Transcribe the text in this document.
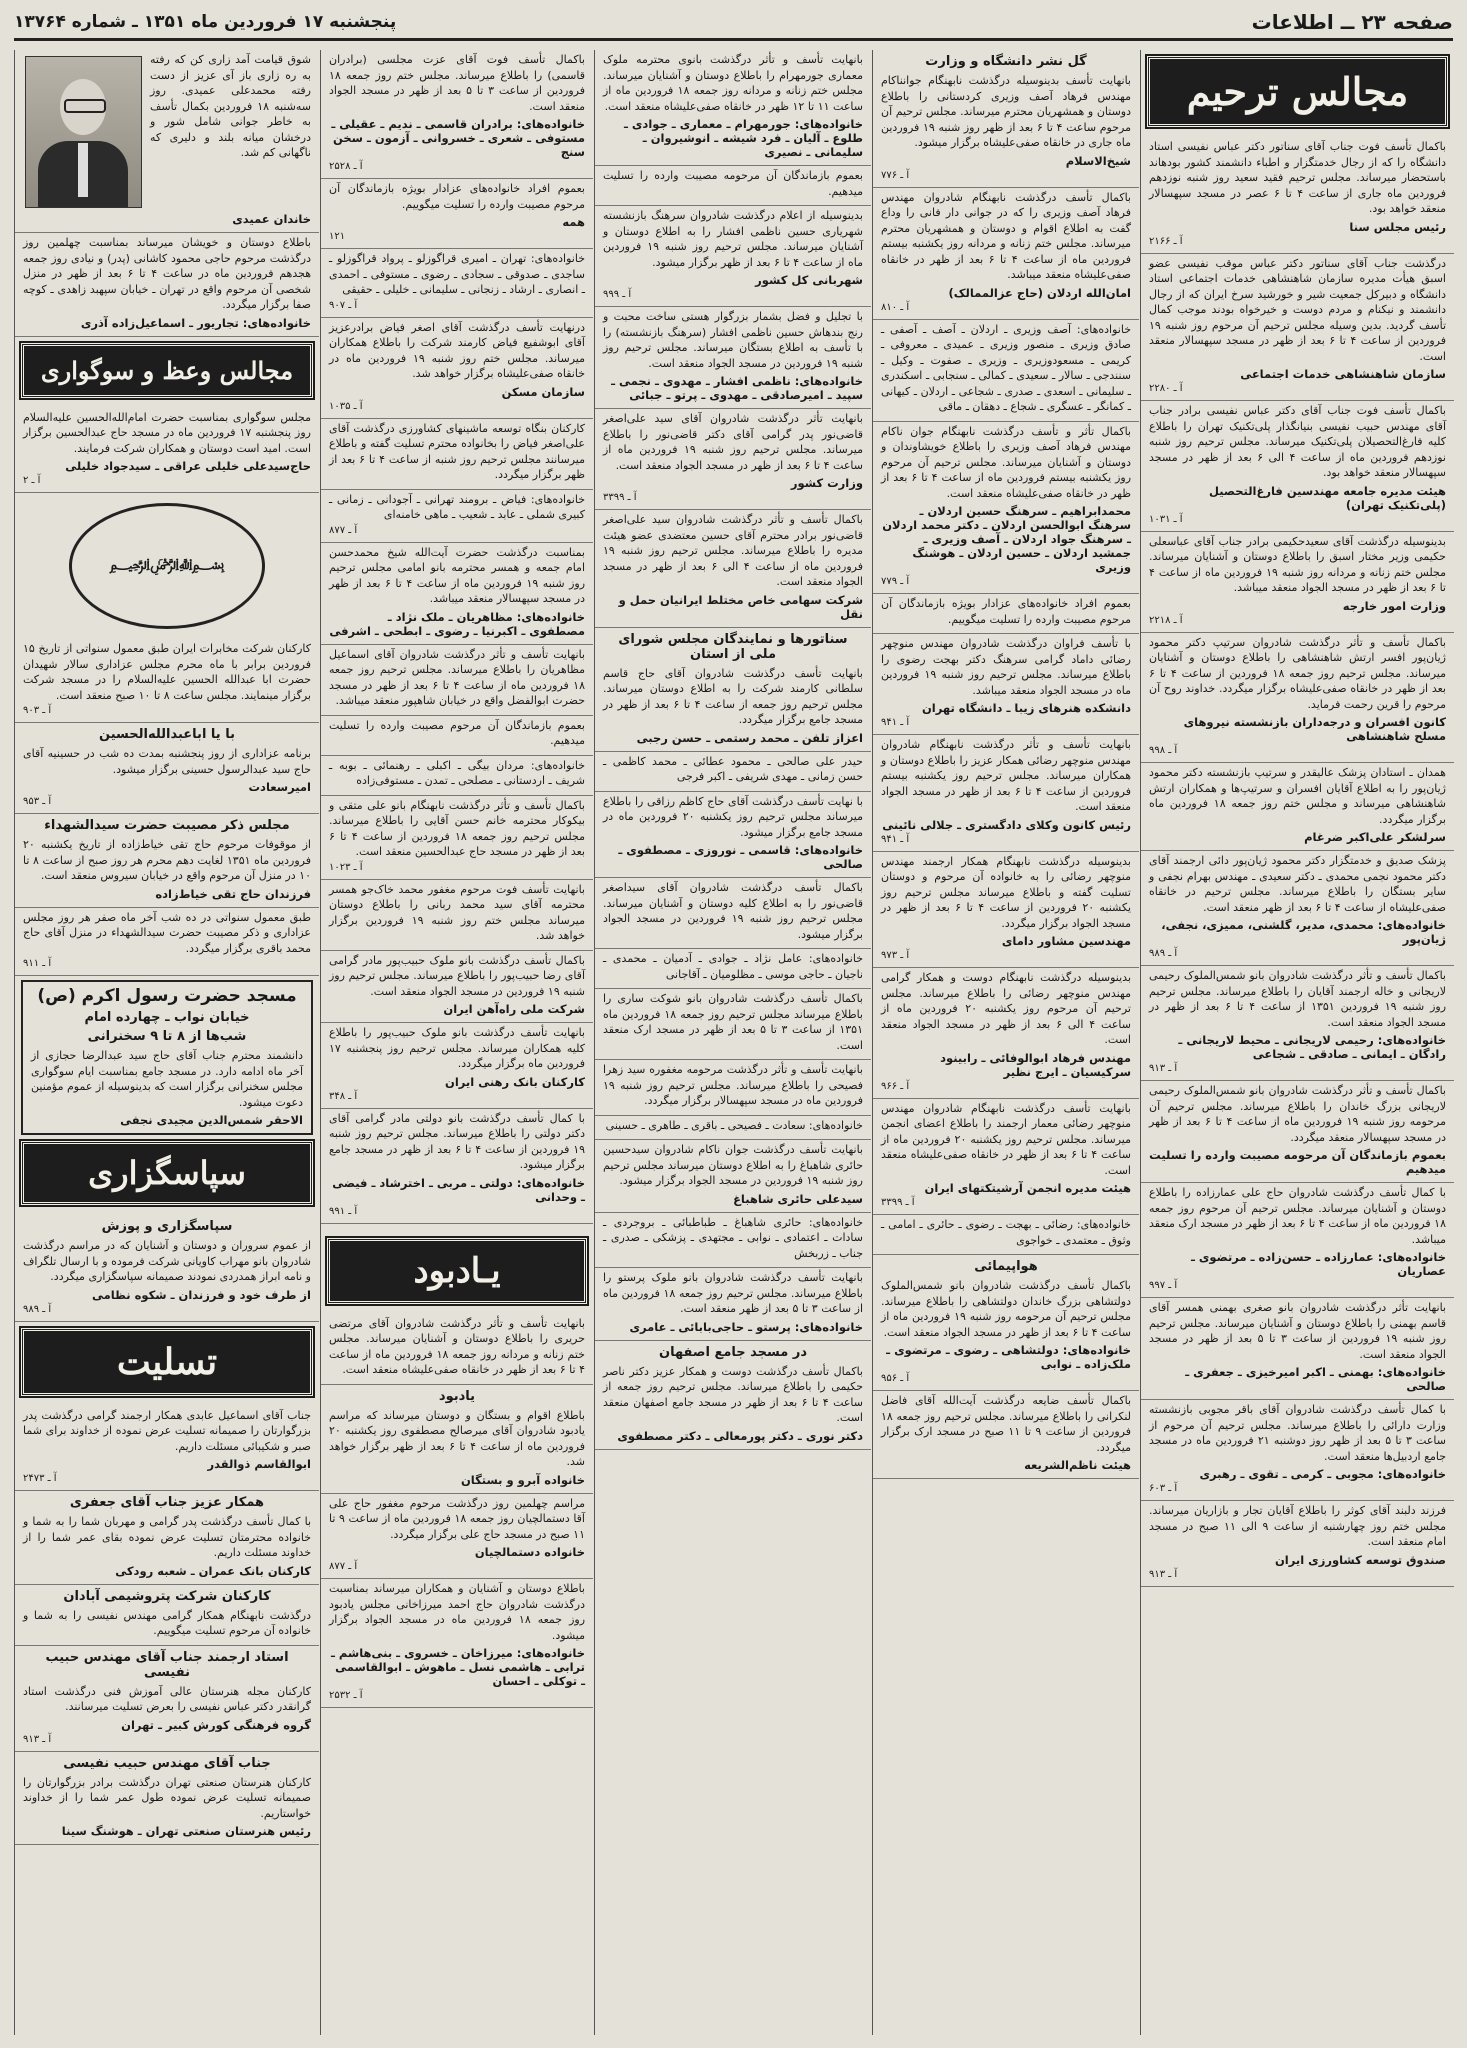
صفحه ۲۳ ــ اطلاعات
پنجشنبه ۱۷ فروردین ماه ۱۳۵۱ ـ شماره ۱۳۷۶۴
مجالس ترحیم

باکمال تأسف فوت جناب آقای سناتور دکتر عباس نفیسی استاد دانشگاه را که از رجال خدمتگزار و اطباء دانشمند کشور بودهاند باستحضار میرساند. مجلس ترحیم فقید سعید روز شنبه نوزدهم فروردین ماه جاری از ساعت ۴ تا ۶ عصر در مسجد سپهسالار منعقد خواهد بود.

رئیس مجلس سنا
آ ـ ۲۱۶۶

درگذشت جناب آقای سناتور دکتر عباس موقب نفیسی عضو اسبق هیأت مدیره سازمان شاهنشاهی خدمات اجتماعی استاد دانشگاه و دبیرکل جمعیت شیر و خورشید سرخ ایران که از رجال دانشمند و نیکنام و مردم دوست و خیرخواه بودند موجب کمال تأسف گردید. بدین وسیله مجلس ترحیم آن مرحوم روز شنبه ۱۹ فروردین از ساعت ۴ تا ۶ بعد از ظهر در مسجد سپهسالار منعقد است.

سازمان شاهنشاهی خدمات اجتماعی
آ ـ ۲۲۸۰

باکمال تأسف فوت جناب آقای دکتر عباس نفیسی برادر جناب آقای مهندس حبیب نفیسی بنیانگذار پلی‌تکنیک تهران را باطلاع کلیه فارغ‌التحصیلان پلی‌تکنیک میرساند. مجلس ترحیم روز شنبه نوزدهم فروردین ماه از ساعت ۴ الی ۶ بعد از ظهر در مسجد سپهسالار منعقد خواهد بود.

هیئت مدیره جامعه مهندسین فارغ‌التحصیل (پلی‌تکنیک تهران)
آ ـ ۱۰۳۱

بدینوسیله درگذشت آقای سعیدحکیمی برادر جناب آقای عباسعلی حکیمی وزیر مختار اسبق را باطلاع دوستان و آشنایان میرساند. مجلس ختم زنانه و مردانه روز شنبه ۱۹ فروردین ماه از ساعت ۴ تا ۶ بعد از ظهر در مسجد الجواد منعقد میباشد.

وزارت امور خارجه
آ ـ ۲۲۱۸

باکمال تأسف و تأثر درگذشت شادروان سرتیپ دکتر محمود ژیان‌پور افسر ارتش شاهنشاهی را باطلاع دوستان و آشنایان میرساند. مجلس ترحیم روز جمعه ۱۸ فروردین از ساعت ۴ تا ۶ بعد از ظهر در خانقاه صفی‌علیشاه برگزار میگردد. خداوند روح آن مرحوم را قرین رحمت فرماید.

کانون افسران و درجه‌داران بازنشسته نیروهای مسلح شاهنشاهی
آ ـ ۹۹۸

همدان ـ استادان پزشک عالیقدر و سرتیپ بازنشسته دکتر محمود ژیان‌پور را به اطلاع آقایان افسران و سرتیپ‌ها و همکاران ارتش شاهنشاهی میرساند و مجلس ختم روز جمعه ۱۸ فروردین ماه برگزار میگردد.

سرلشکر علی‌اکبر ضرغام

پزشک صدیق و خدمتگزار دکتر محمود ژیان‌پور دائی ارجمند آقای دکتر محمود نجمی محمدی ـ دکتر سعیدی ـ مهندس بهرام نجفی و سایر بستگان را باطلاع میرساند. مجلس ترحیم در خانقاه صفی‌علیشاه از ساعت ۴ تا ۶ بعد از ظهر منعقد است.

خانواده‌های: محمدی، مدیر، گلشنی، ممیزی، نجفی، ژیان‌پور
آ ـ ۹۸۹

باکمال تأسف و تأثر درگذشت شادروان بانو شمس‌الملوک رحیمی لاریجانی و خاله ارجمند آقایان را باطلاع میرساند. مجلس ترحیم روز شنبه ۱۹ فروردین ۱۳۵۱ از ساعت ۴ تا ۶ بعد از ظهر در مسجد الجواد منعقد است.

خانواده‌های: رحیمی لاریجانی ـ محیط لاریجانی ـ رادگان ـ ایمانی ـ صادقی ـ شجاعی
آ ـ ۹۱۳

باکمال تأسف و تأثر درگذشت شادروان بانو شمس‌الملوک رحیمی لاریجانی بزرگ خاندان را باطلاع میرساند. مجلس ترحیم آن مرحومه روز شنبه ۱۹ فروردین ماه از ساعت ۴ تا ۶ بعد از ظهر در مسجد سپهسالار منعقد میگردد.

بعموم بازماندگان آن مرحومه مصیبت وارده را تسلیت میدهیم

با کمال تأسف درگذشت شادروان حاج علی عمارزاده را باطلاع دوستان و آشنایان میرساند. مجلس ترحیم آن مرحوم روز جمعه ۱۸ فروردین ماه از ساعت ۴ تا ۶ بعد از ظهر در مسجد ارک منعقد میباشد.

خانواده‌های: عمارزاده ـ حسن‌زاده ـ مرتضوی ـ عصاریان
آ ـ ۹۹۷

بانهایت تأثر درگذشت شادروان بانو صغری بهمنی همسر آقای قاسم بهمنی را باطلاع دوستان و آشنایان میرساند. مجلس ترحیم روز شنبه ۱۹ فروردین از ساعت ۳ تا ۵ بعد از ظهر در مسجد الجواد منعقد است.

خانواده‌های: بهمنی ـ اکبر امیرخیزی ـ جعفری ـ صالحی

با کمال تأسف درگذشت شادروان آقای باقر مجوبی بازنشسته وزارت دارائی را باطلاع میرساند. مجلس ترحیم آن مرحوم از ساعت ۳ تا ۵ بعد از ظهر روز دوشنبه ۲۱ فروردین ماه در مسجد جامع اردبیل‌ها منعقد است.

خانواده‌های: مجوبی ـ کرمی ـ تقوی ـ رهبری
آ ـ ۶۰۳

فرزند دلبند آقای کوثر را باطلاع آقایان تجار و بازاریان میرساند. مجلس ختم روز چهارشنبه از ساعت ۹ الی ۱۱ صبح در مسجد امام منعقد است.

صندوق توسعه کشاورزی ایران
آ ـ ۹۱۳
گل نشر دانشگاه و وزارت

بانهایت تأسف بدینوسیله درگذشت نابهنگام جوانناکام مهندس فرهاد آصف وزیری کردستانی را باطلاع دوستان و همشهریان محترم میرساند. مجلس ترحیم آن مرحوم ساعت ۴ تا ۶ بعد از ظهر روز شنبه ۱۹ فروردین ماه جاری در خانقاه صفی‌علیشاه برگزار میشود.

شیخ‌الاسلام
آ ـ ۷۷۶

باکمال تأسف درگذشت نابهنگام شادروان مهندس فرهاد آصف وزیری را که در جوانی دار فانی را وداع گفت به اطلاع اقوام و دوستان و همشهریان محترم میرساند. مجلس ختم زنانه و مردانه روز یکشنبه بیستم فروردین ماه از ساعت ۴ تا ۶ بعد از ظهر در خانقاه صفی‌علیشاه منعقد میباشد.

امان‌الله اردلان (حاج عزالممالک)
آ ـ ۸۱۰

خانواده‌های: آصف وزیری ـ اردلان ـ آصف ـ آصفی ـ صادق وزیری ـ منصور وزیری ـ عمیدی ـ معروفی ـ کریمی ـ مسعودوزیری ـ وزیری ـ صفوت ـ وکیل ـ سنندجی ـ سالار ـ سعیدی ـ کمالی ـ سنجابی ـ اسکندری ـ سلیمانی ـ اسعدی ـ صدری ـ شجاعی ـ اردلان ـ کیهانی ـ کمانگر ـ عسگری ـ شجاع ـ دهقان ـ ماقی

باکمال تأثر و تأسف درگذشت نابهنگام جوان ناکام مهندس فرهاد آصف وزیری را باطلاع خویشاوندان و دوستان و آشنایان میرساند. مجلس ترحیم آن مرحوم روز یکشنبه بیستم فروردین ماه از ساعت ۴ تا ۶ بعد از ظهر در خانقاه صفی‌علیشاه منعقد است.

محمدابراهیم ـ سرهنگ حسین اردلان ـ سرهنگ ابوالحسن اردلان ـ دکتر محمد اردلان ـ سرهنگ جواد اردلان ـ آصف وزیری ـ جمشید اردلان ـ حسین اردلان ـ هوشنگ وزیری
آ ـ ۷۷۹

بعموم افراد خانواده‌های عزادار بویژه بازماندگان آن مرحوم مصیبت وارده را تسلیت میگوییم.

با تأسف فراوان درگذشت شادروان مهندس منوچهر رضائی داماد گرامی سرهنگ دکتر بهجت رضوی را باطلاع میرساند. مجلس ترحیم روز شنبه ۱۹ فروردین ماه در مسجد الجواد منعقد میباشد.

دانشکده هنرهای زیبا ـ دانشگاه تهران
آ ـ ۹۴۱

بانهایت تأسف و تأثر درگذشت نابهنگام شادروان مهندس منوچهر رضائی همکار عزیز را باطلاع دوستان و همکاران میرساند. مجلس ترحیم روز یکشنبه بیستم فروردین از ساعت ۴ تا ۶ بعد از ظهر در مسجد الجواد منعقد است.

رئیس کانون وکلای دادگستری ـ جلالی نائینی
آ ـ ۹۴۱

بدینوسیله درگذشت نابهنگام همکار ارجمند مهندس منوچهر رضائی را به خانواده آن مرحوم و دوستان تسلیت گفته و باطلاع میرساند مجلس ترحیم روز یکشنبه ۲۰ فروردین از ساعت ۴ تا ۶ بعد از ظهر در مسجد الجواد برگزار میگردد.

مهندسین مشاور دامای
آ ـ ۹۷۳

بدینوسیله درگذشت نابهنگام دوست و همکار گرامی مهندس منوچهر رضائی را باطلاع میرساند. مجلس ترحیم آن مرحوم روز یکشنبه ۲۰ فروردین ماه از ساعت ۴ الی ۶ بعد از ظهر در مسجد الجواد منعقد است.

مهندس فرهاد ابوالوفائی ـ رابینود سرکیسیان ـ ایرج نظیر
آ ـ ۹۶۶

بانهایت تأسف درگذشت نابهنگام شادروان مهندس منوچهر رضائی معمار ارجمند را باطلاع اعضای انجمن میرساند. مجلس ترحیم روز یکشنبه ۲۰ فروردین ماه از ساعت ۴ تا ۶ بعد از ظهر در خانقاه صفی‌علیشاه منعقد است.

هیئت مدیره انجمن آرشیتکتهای ایران
آ ـ ۳۳۹۹

خانواده‌های: رضائی ـ بهجت ـ رضوی ـ حائری ـ امامی ـ وثوق ـ معتمدی ـ خواجوی

هواپیمائی

باکمال تأسف درگذشت شادروان بانو شمس‌الملوک دولتشاهی بزرگ خاندان دولتشاهی را باطلاع میرساند. مجلس ترحیم آن مرحومه روز شنبه ۱۹ فروردین ماه از ساعت ۴ تا ۶ بعد از ظهر در مسجد الجواد منعقد است.

خانواده‌های: دولتشاهی ـ رضوی ـ مرتضوی ـ ملک‌زاده ـ نوابی
آ ـ ۹۵۶

باکمال تأسف ضایعه درگذشت آیت‌الله آقای فاضل لنکرانی را باطلاع میرساند. مجلس ترحیم روز جمعه ۱۸ فروردین از ساعت ۹ تا ۱۱ صبح در مسجد ارک برگزار میگردد.

هیئت ناظم‌الشریعه

بانهایت تأسف و تأثر درگذشت بانوی محترمه ملوک معماری جورمهرام را باطلاع دوستان و آشنایان میرساند. مجلس ختم زنانه و مردانه روز جمعه ۱۸ فروردین ماه از ساعت ۱۱ تا ۱۲ ظهر در خانقاه صفی‌علیشاه منعقد است.

خانواده‌های: جورمهرام ـ معماری ـ جوادی ـ طلوع ـ آلیان ـ فرد شیشه ـ انوشیروان ـ سلیمانی ـ نصیری

بعموم بازماندگان آن مرحومه مصیبت وارده را تسلیت میدهیم.

بدینوسیله از اعلام درگذشت شادروان سرهنگ بازنشسته شهریاری حسین ناظمی افشار را به اطلاع دوستان و آشنایان میرساند. مجلس ترحیم روز شنبه ۱۹ فروردین ماه از ساعت ۴ تا ۶ بعد از ظهر برگزار میشود.

شهربانی کل کشور
آ ـ ۹۹۹

با تجلیل و فضل بشمار بزرگوار هستی ساخت محبت و رنج بندهاش حسین ناظمی افشار (سرهنگ بازنشسته) را با تأسف به اطلاع بستگان میرساند. مجلس ترحیم روز شنبه ۱۹ فروردین در مسجد الجواد منعقد است.

خانواده‌های: ناظمی افشار ـ مهدوی ـ نجمی ـ سپید ـ امیرصادقی ـ مهدوی ـ پرتو ـ جبائی

بانهایت تأثر درگذشت شادروان آقای سید علی‌اصغر قاضی‌نور پدر گرامی آقای دکتر قاضی‌نور را باطلاع میرساند. مجلس ترحیم روز شنبه ۱۹ فروردین ماه از ساعت ۴ تا ۶ بعد از ظهر در مسجد الجواد منعقد است.

وزارت کشور
آ ـ ۳۳۹۹

باکمال تأسف و تأثر درگذشت شادروان سید علی‌اصغر قاضی‌نور برادر محترم آقای حسین معتضدی عضو هیئت مدیره را باطلاع میرساند. مجلس ترحیم روز شنبه ۱۹ فروردین ماه از ساعت ۴ الی ۶ بعد از ظهر در مسجد الجواد منعقد است.

شرکت سهامی خاص مختلط ایرانیان حمل و نقل
سناتورها و نمایندگان مجلس شورای ملی از استان

بانهایت تأسف درگذشت شادروان آقای حاج قاسم سلطانی کارمند شرکت را به اطلاع دوستان میرساند. مجلس ترحیم روز جمعه از ساعت ۴ تا ۶ بعد از ظهر در مسجد جامع برگزار میگردد.

اعزاز تلفن ـ محمد رستمی ـ حسن رجبی

حیدر علی صالحی ـ محمود عطائی ـ محمد کاظمی ـ حسن زمانی ـ مهدی شریفی ـ اکبر فرجی

با نهایت تأسف درگذشت آقای حاج کاظم رزاقی را باطلاع میرساند مجلس ترحیم روز یکشنبه ۲۰ فروردین ماه در مسجد جامع برگزار میشود.

خانواده‌های: قاسمی ـ نوروزی ـ مصطفوی ـ صالحی

باکمال تأسف درگذشت شادروان آقای سیداصغر قاضی‌نور را به اطلاع کلیه دوستان و آشنایان میرساند. مجلس ترحیم روز شنبه ۱۹ فروردین در مسجد الجواد برگزار میشود.

خانواده‌های: عامل نژاد ـ جوادی ـ آدمیان ـ محمدی ـ ناجیان ـ حاجی موسی ـ مظلومیان ـ آقاجانی

باکمال تأسف درگذشت شادروان بانو شوکت ساری را باطلاع میرساند مجلس ترحیم روز جمعه ۱۸ فروردین ماه ۱۳۵۱ از ساعت ۳ تا ۵ بعد از ظهر در مسجد ارک منعقد است.

بانهایت تأسف و تأثر درگذشت مرحومه مغفوره سید زهرا فصیحی را باطلاع میرساند. مجلس ترحیم روز شنبه ۱۹ فروردین ماه در مسجد سپهسالار برگزار میگردد.

خانواده‌های: سعادت ـ فصیحی ـ باقری ـ طاهری ـ حسینی

بانهایت تأسف درگذشت جوان ناکام شادروان سیدحسین حائری شاهباغ را به اطلاع دوستان میرساند مجلس ترحیم روز شنبه ۱۹ فروردین در مسجد الجواد برگزار میشود.

سیدعلی حائری شاهباغ

خانواده‌های: حائری شاهباغ ـ طباطبائی ـ بروجردی ـ سادات ـ اعتمادی ـ نوابی ـ مجتهدی ـ پزشکی ـ صدری ـ جناب ـ زربخش

بانهایت تأسف درگذشت شادروان بانو ملوک پرستو را باطلاع میرساند. مجلس ترحیم روز جمعه ۱۸ فروردین ماه از ساعت ۳ تا ۵ بعد از ظهر منعقد است.

خانواده‌های: پرستو ـ حاجی‌بابائی ـ عامری
در مسجد جامع اصفهان

باکمال تأسف درگذشت دوست و همکار عزیز دکتر ناصر حکیمی را باطلاع میرساند. مجلس ترحیم روز جمعه از ساعت ۴ تا ۶ بعد از ظهر در مسجد جامع اصفهان منعقد است.

دکتر نوری ـ دکتر پورمعالی ـ دکتر مصطفوی

باکمال تأسف فوت آقای عزت مجلسی (برادران قاسمی) را باطلاع میرساند. مجلس ختم روز جمعه ۱۸ فروردین از ساعت ۳ تا ۵ بعد از ظهر در مسجد الجواد منعقد است.

خانواده‌های: برادران قاسمی ـ ندیم ـ عقیلی ـ مستوفی ـ شعری ـ خسروانی ـ آزمون ـ سخن سنج
آ ـ ۲۵۲۸

بعموم افراد خانواده‌های عزادار بویژه بازماندگان آن مرحوم مصیبت وارده را تسلیت میگوییم.

همه
۱۲۱

خانواده‌های: تهران ـ امیری قراگوزلو ـ پرواد قراگوزلو ـ ساجدی ـ صدوقی ـ سجادی ـ رضوی ـ مستوفی ـ احمدی ـ انصاری ـ ارشاد ـ زنجانی ـ سلیمانی ـ خلیلی ـ حقیقی

آ ـ ۹۰۷

درنهایت تأسف درگذشت آقای اصغر فیاض برادرعزیز آقای ابوشفیع فیاض کارمند شرکت را باطلاع همکاران میرساند. مجلس ختم روز شنبه ۱۹ فروردین ماه در خانقاه صفی‌علیشاه برگزار خواهد شد.

سازمان مسکن
آ ـ ۱۰۳۵

کارکنان بنگاه توسعه ماشینهای کشاورزی درگذشت آقای علی‌اصغر فیاض را بخانواده محترم تسلیت گفته و باطلاع میرسانند مجلس ترحیم روز شنبه از ساعت ۴ تا ۶ بعد از ظهر برگزار میگردد.

خانواده‌های: فیاض ـ برومند تهرانی ـ آجودانی ـ زمانی ـ کبیری شملی ـ عابد ـ شعیب ـ ماهی خامنه‌ای

آ ـ ۸۷۷

بمناسبت درگذشت حضرت آیت‌الله شیخ محمدحسن امام جمعه و همسر محترمه بانو امامی مجلس ترحیم روز شنبه ۱۹ فروردین ماه از ساعت ۴ تا ۶ بعد از ظهر در مسجد سپهسالار منعقد میباشد.

خانواده‌های: مظاهریان ـ ملک نژاد ـ مصطفوی ـ اکبرنیا ـ رضوی ـ ابطحی ـ اشرفی

بانهایت تأسف و تأثر درگذشت شادروان آقای اسماعیل مظاهریان را باطلاع میرساند. مجلس ترحیم روز جمعه ۱۸ فروردین ماه از ساعت ۴ تا ۶ بعد از ظهر در مسجد حضرت ابوالفضل واقع در خیابان شاهپور منعقد میباشد.

بعموم بازماندگان آن مرحوم مصیبت وارده را تسلیت میدهیم.

خانواده‌های: مردان بیگی ـ اکبلی ـ رهنمائی ـ بوبه ـ شریف ـ اردستانی ـ مصلحی ـ تمدن ـ مستوفی‌زاده

باکمال تأسف و تأثر درگذشت نابهنگام بانو علی متقی و بیکوکار محترمه خانم حسن آقایی را باطلاع میرساند. مجلس ترحیم روز جمعه ۱۸ فروردین از ساعت ۴ تا ۶ بعد از ظهر در مسجد حاج عبدالحسین منعقد است.

آ ـ ۱۰۲۳

بانهایت تأسف فوت مرحوم مغفور محمد خاک‌جو همسر محترمه آقای سید محمد ربانی را باطلاع دوستان میرساند مجلس ختم روز شنبه ۱۹ فروردین برگزار خواهد شد.

باکمال تأسف درگذشت بانو ملوک حبیب‌پور مادر گرامی آقای رضا حبیب‌پور را باطلاع میرساند. مجلس ترحیم روز شنبه ۱۹ فروردین در مسجد الجواد منعقد است.

شرکت ملی راه‌آهن ایران

بانهایت تأسف درگذشت بانو ملوک حبیب‌پور را باطلاع کلیه همکاران میرساند. مجلس ترحیم روز پنجشنبه ۱۷ فروردین ماه برگزار میگردد.

کارکنان بانک رهنی ایران
آ ـ ۳۴۸

با کمال تأسف درگذشت بانو دولتی مادر گرامی آقای دکتر دولتی را باطلاع میرساند. مجلس ترحیم روز شنبه ۱۹ فروردین از ساعت ۴ تا ۶ بعد از ظهر در مسجد جامع برگزار میشود.

خانواده‌های: دولتی ـ مربی ـ اخترشاد ـ فیضی ـ وحدانی
آ ـ ۹۹۱
یـادبود

بانهایت تأسف و تأثر درگذشت شادروان آقای مرتضی حریری را باطلاع دوستان و آشنایان میرساند. مجلس ختم زنانه و مردانه روز جمعه ۱۸ فروردین ماه از ساعت ۴ تا ۶ بعد از ظهر در خانقاه صفی‌علیشاه منعقد است.

یادبود

باطلاع اقوام و بستگان و دوستان میرساند که مراسم یادبود شادروان آقای میرصالح مصطفوی روز یکشنبه ۲۰ فروردین ماه از ساعت ۴ تا ۶ بعد از ظهر برگزار خواهد شد.

خانواده آبرو و بستگان

مراسم چهلمین روز درگذشت مرحوم مغفور حاج علی آقا دستمالچیان روز جمعه ۱۸ فروردین ماه از ساعت ۹ تا ۱۱ صبح در مسجد حاج علی برگزار میگردد.

خانواده دستمالچیان
آ ـ ۸۷۷

باطلاع دوستان و آشنایان و همکاران میرساند بمناسبت درگذشت شادروان حاج احمد میرزاخانی مجلس یادبود روز جمعه ۱۸ فروردین ماه در مسجد الجواد برگزار میشود.

خانواده‌های: میرزاخان ـ خسروی ـ بنی‌هاشم ـ ترابی ـ هاشمی نسل ـ ماهوش ـ ابوالقاسمی ـ توکلی ـ احسان
آ ـ ۲۵۳۲

شوق قیامت آمد زاری کن که رفته به ره زاری باز آی عزیز از دست رفته محمدعلی عمیدی. روز سه‌شنبه ۱۸ فروردین بکمال تأسف به خاطر جوانی شامل شور و درخشان میانه بلند و دلیری که ناگهانی کم شد.

خاندان عمیدی

باطلاع دوستان و خویشان میرساند بمناسبت چهلمین روز درگذشت مرحوم حاجی محمود کاشانی (پدر) و نیادی روز جمعه هجدهم فروردین ماه در ساعت ۴ تا ۶ بعد از ظهر در منزل شخصی آن مرحوم واقع در تهران ـ خیابان سپهبد زاهدی ـ کوچه صفا برگزار میگردد.

خانواده‌های: تجاریور ـ اسماعیل‌زاده آذری
مجالس وعظ و سوگواری

مجلس سوگواری بمناسبت حضرت امام‌الله‌الحسین علیه‌السلام روز پنجشنبه ۱۷ فروردین ماه در مسجد حاج عبدالحسین برگزار است. امید است دوستان و همکاران شرکت فرمایند.

حاج‌سیدعلی خلیلی عراقی ـ سیدجواد خلیلی
آ ـ ۲
﷽

کارکنان شرکت مخابرات ایران طبق معمول سنواتی از تاریخ ۱۵ فروردین برابر با ماه محرم مجلس عزاداری سالار شهیدان حضرت ابا عبدالله الحسین علیه‌السلام را در مسجد شرکت برگزار مینمایند. مجلس ساعت ۸ تا ۱۰ صبح منعقد است.

آ ـ ۹۰۳
با یا اباعبدالله‌الحسین

برنامه عزاداری از روز پنجشنبه بمدت ده شب در حسینیه آقای حاج سید عبدالرسول حسینی برگزار میشود.

امیرسعادت
آ ـ ۹۵۳
مجلس ذکر مصیبت حضرت سیدالشهداء

از موقوفات مرحوم حاج تقی خیاط‌زاده از تاریخ یکشنبه ۲۰ فروردین ماه ۱۳۵۱ لغایت دهم محرم هر روز صبح از ساعت ۸ تا ۱۰ در منزل آن مرحوم واقع در خیابان سیروس منعقد است.

فرزندان حاج تقی خیاط‌زاده

طبق معمول سنواتی در ده شب آخر ماه صفر هر روز مجلس عزاداری و ذکر مصیبت حضرت سیدالشهداء در منزل آقای حاج محمد باقری برگزار میگردد.

آ ـ ۹۱۱
مسجد حضرت رسول اکرم (ص)
خیابان نواب ـ چهارده امام
شب‌ها از ۸ تا ۹ سخنرانی

دانشمند محترم جناب آقای حاج سید عبدالرضا حجازی از آخر ماه ادامه دارد. در مسجد جامع بمناسبت ایام سوگواری مجلس سخنرانی برگزار است که بدینوسیله از عموم مؤمنین دعوت میشود.

الاحقر شمس‌الدین مجیدی نجفی
سپاسگزاری
سپاسگزاری و پوزش

از عموم سروران و دوستان و آشنایان که در مراسم درگذشت شادروان بانو مهراب کاویانی شرکت فرموده و با ارسال تلگراف و نامه ابراز همدردی نمودند صمیمانه سپاسگزاری میگردد.

از طرف خود و فرزندان ـ شکوه نظامی
آ ـ ۹۸۹
تسلیت

جناب آقای اسماعیل عابدی همکار ارجمند گرامی درگذشت پدر بزرگوارتان را صمیمانه تسلیت عرض نموده از خداوند برای شما صبر و شکیبائی مسئلت داریم.

ابوالقاسم ذوالقدر
آ ـ ۲۴۷۳
همکار عزیز جناب آقای جعفری

با کمال تأسف درگذشت پدر گرامی و مهربان شما را به شما و خانواده محترمتان تسلیت عرض نموده بقای عمر شما را از خداوند مسئلت داریم.

کارکنان بانک عمران ـ شعبه رودکی
کارکنان شرکت پتروشیمی آبادان

درگذشت نابهنگام همکار گرامی مهندس نفیسی را به شما و خانواده آن مرحوم تسلیت میگوییم.

استاد ارجمند جناب آقای مهندس حبیب نفیسی

کارکنان مجله هنرستان عالی آموزش فنی درگذشت استاد گرانقدر دکتر عباس نفیسی را بعرض تسلیت میرسانند.

گروه فرهنگی کورش کبیر ـ تهران
آ ـ ۹۱۳
جناب آقای مهندس حبیب نفیسی

کارکنان هنرستان صنعتی تهران درگذشت برادر بزرگوارتان را صمیمانه تسلیت عرض نموده طول عمر شما را از خداوند خواستاریم.

رئیس هنرستان صنعتی تهران ـ هوشنگ سینا
